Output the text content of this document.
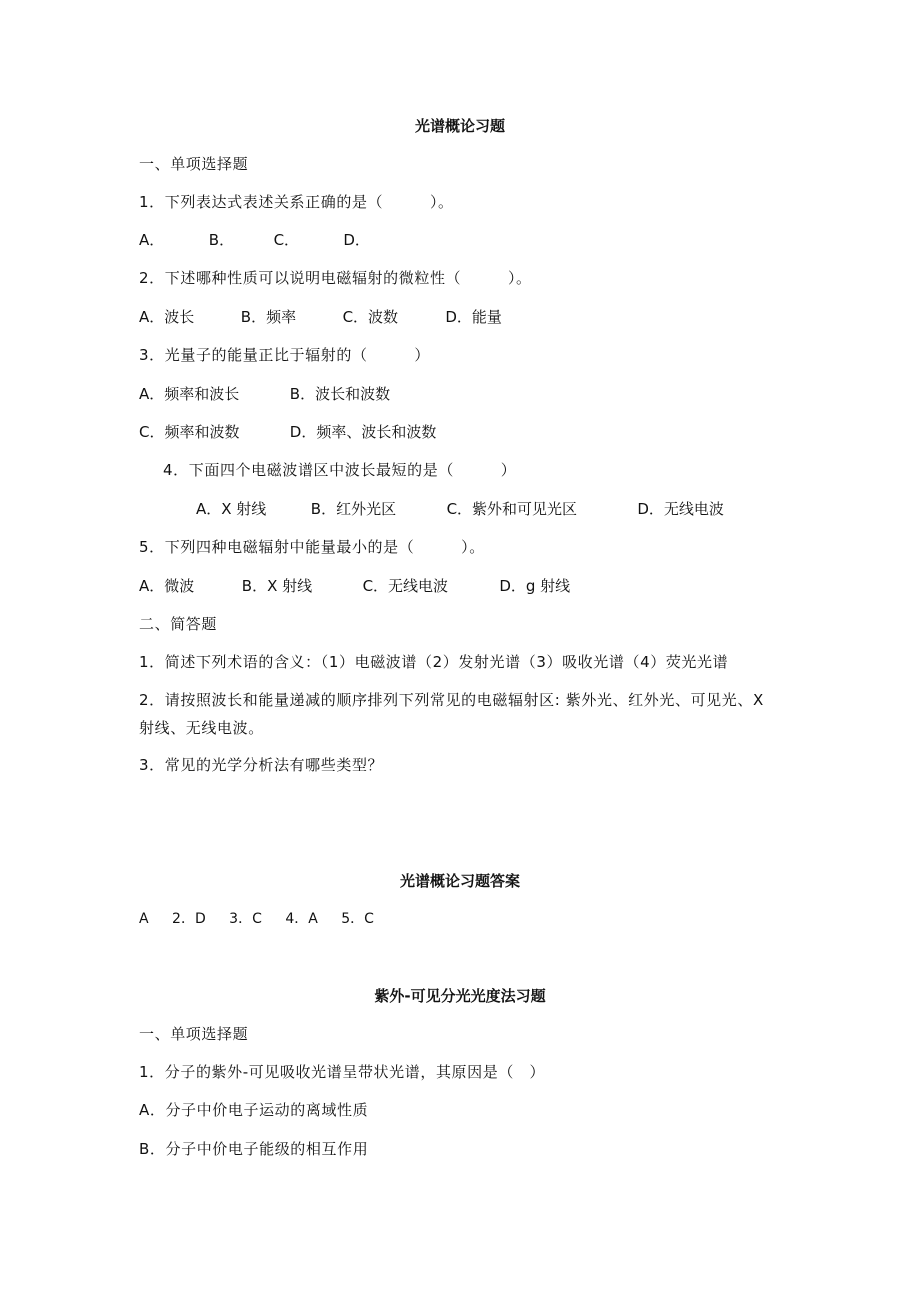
光谱概论习题
一、单项选择题
1．下列表达式表述关系正确的是（　　　）。
A．	B．	C．	D．
2．下述哪种性质可以说明电磁辐射的微粒性（　　　）。
A．波长	B．频率	C．波数	D．能量
3．光量子的能量正比于辐射的（　　　）
A．频率和波长	B．波长和波数
C．频率和波数	D．频率、波长和波数
4．下面四个电磁波谱区中波长最短的是（　　　）
A．X 射线	B．红外光区	C．紫外和可见光区	D．无线电波
5．下列四种电磁辐射中能量最小的是（　　　）。
A．微波	B．X 射线	C．无线电波	D．g 射线
二、简答题
1．简述下列术语的含义：（1）电磁波谱（2）发射光谱（3）吸收光谱（4）荧光光谱
2．请按照波长和能量递减的顺序排列下列常见的电磁辐射区: 紫外光、红外光、可见光、X 射线、无线电波。
3．常见的光学分析法有哪些类型？
光谱概论习题答案
A 2．D 3．C 4．A 5．C
紫外-可见分光光度法习题
一、单项选择题
1．分子的紫外-可见吸收光谱呈带状光谱，其原因是（　）
A．分子中价电子运动的离域性质
B．分子中价电子能级的相互作用
